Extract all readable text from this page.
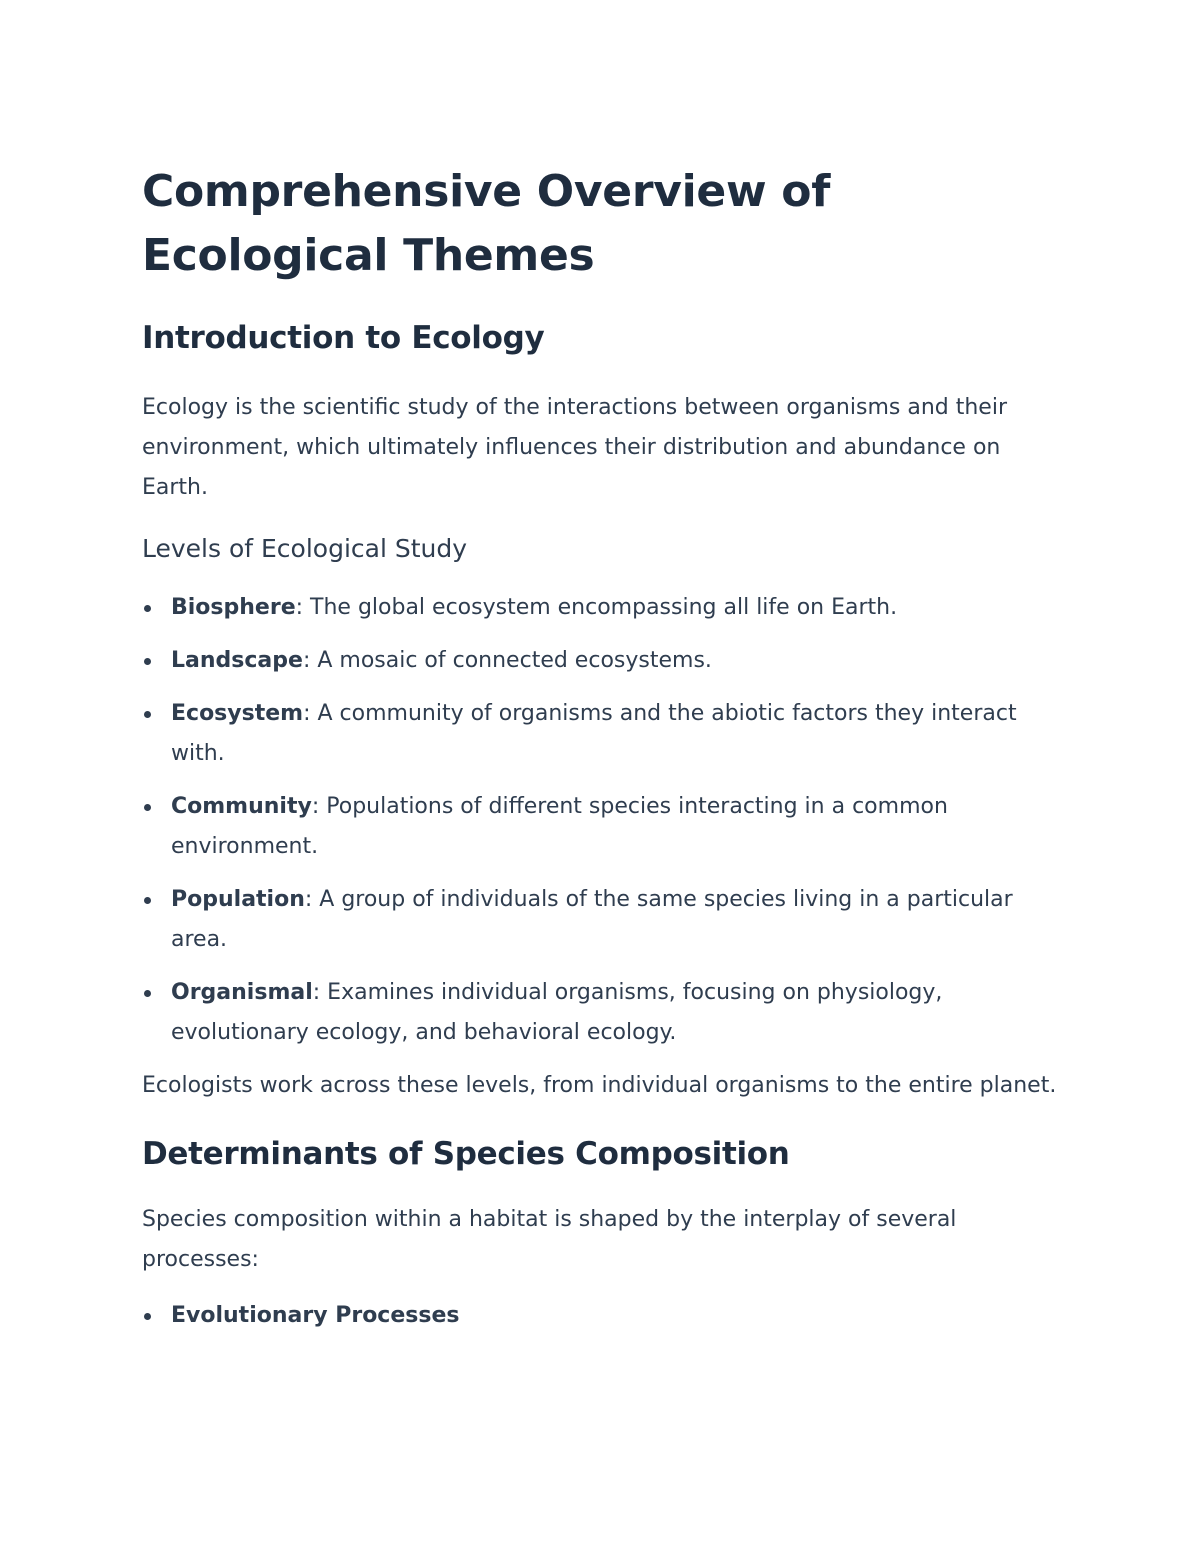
Comprehensive Overview of Ecological Themes
Introduction to Ecology

Ecology is the scientific study of the interactions between organisms and their environment, which ultimately influences their distribution and abundance on Earth.

Levels of Ecological Study
Biosphere: The global ecosystem encompassing all life on Earth.
Landscape: A mosaic of connected ecosystems.
Ecosystem: A community of organisms and the abiotic factors they interact with.
Community: Populations of different species interacting in a common environment.
Population: A group of individuals of the same species living in a particular area.
Organismal: Examines individual organisms, focusing on physiology, evolutionary ecology, and behavioral ecology.

Ecologists work across these levels, from individual organisms to the entire planet.

Determinants of Species Composition

Species composition within a habitat is shaped by the interplay of several processes:

Evolutionary Processes
